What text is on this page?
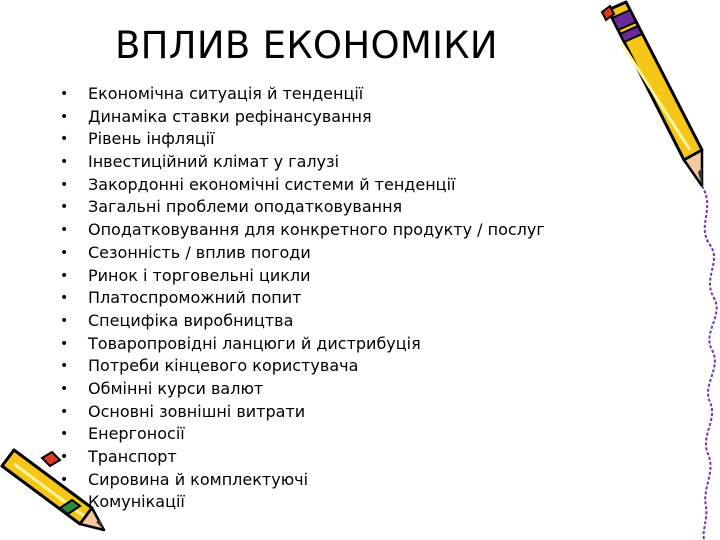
ВПЛИВ ЕКОНОМІКИ
• Економічна ситуація й тенденції
• Динаміка ставки рефінансування
• Рівень інфляції
• Інвестиційний клімат у галузі
• Закордонні економічні системи й тенденції
• Загальні проблеми оподатковування
• Оподатковування для конкретного продукту / послуг
• Сезонність / вплив погоди
• Ринок і торговельні цикли
• Платоспроможний попит
• Специфіка виробництва
• Товаропровідні ланцюги й дистрибуція
• Потреби кінцевого користувача
• Обмінні курси валют
• Основні зовнішні витрати
• Енергоносії
• Транспорт
• Сировина й комплектуючі
Комунікації
